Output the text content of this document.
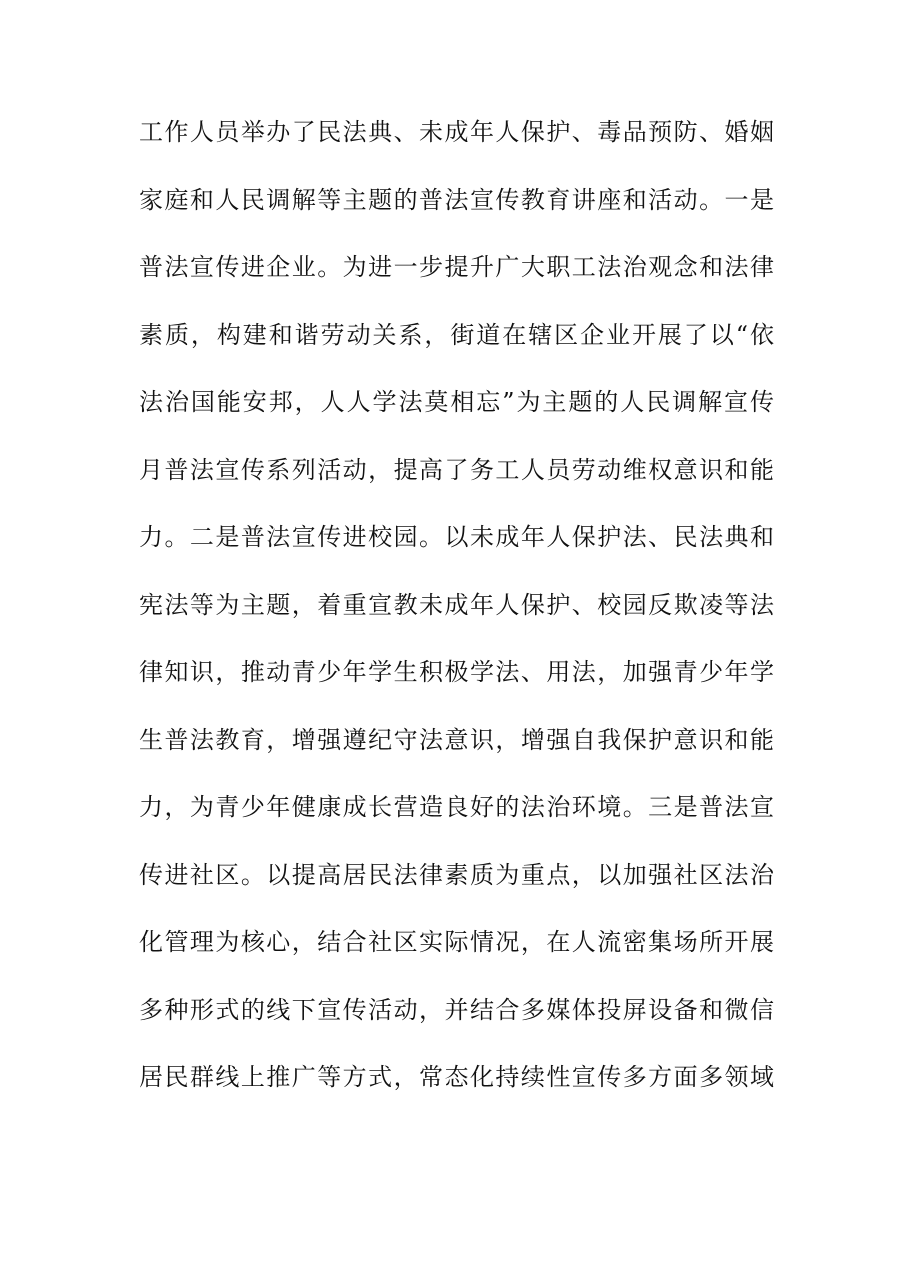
工作人员举办了民法典、未成年人保护、毒品预防、婚姻
家庭和人民调解等主题的普法宣传教育讲座和活动。一是
普法宣传进企业。为进一步提升广大职工法治观念和法律
素质，构建和谐劳动关系，街道在辖区企业开展了以“依
法治国能安邦，人人学法莫相忘”为主题的人民调解宣传
月普法宣传系列活动，提高了务工人员劳动维权意识和能
力。二是普法宣传进校园。以未成年人保护法、民法典和
宪法等为主题，着重宣教未成年人保护、校园反欺凌等法
律知识，推动青少年学生积极学法、用法，加强青少年学
生普法教育，增强遵纪守法意识，增强自我保护意识和能
力，为青少年健康成长营造良好的法治环境。三是普法宣
传进社区。以提高居民法律素质为重点，以加强社区法治
化管理为核心，结合社区实际情况，在人流密集场所开展
多种形式的线下宣传活动，并结合多媒体投屏设备和微信
居民群线上推广等方式，常态化持续性宣传多方面多领域
